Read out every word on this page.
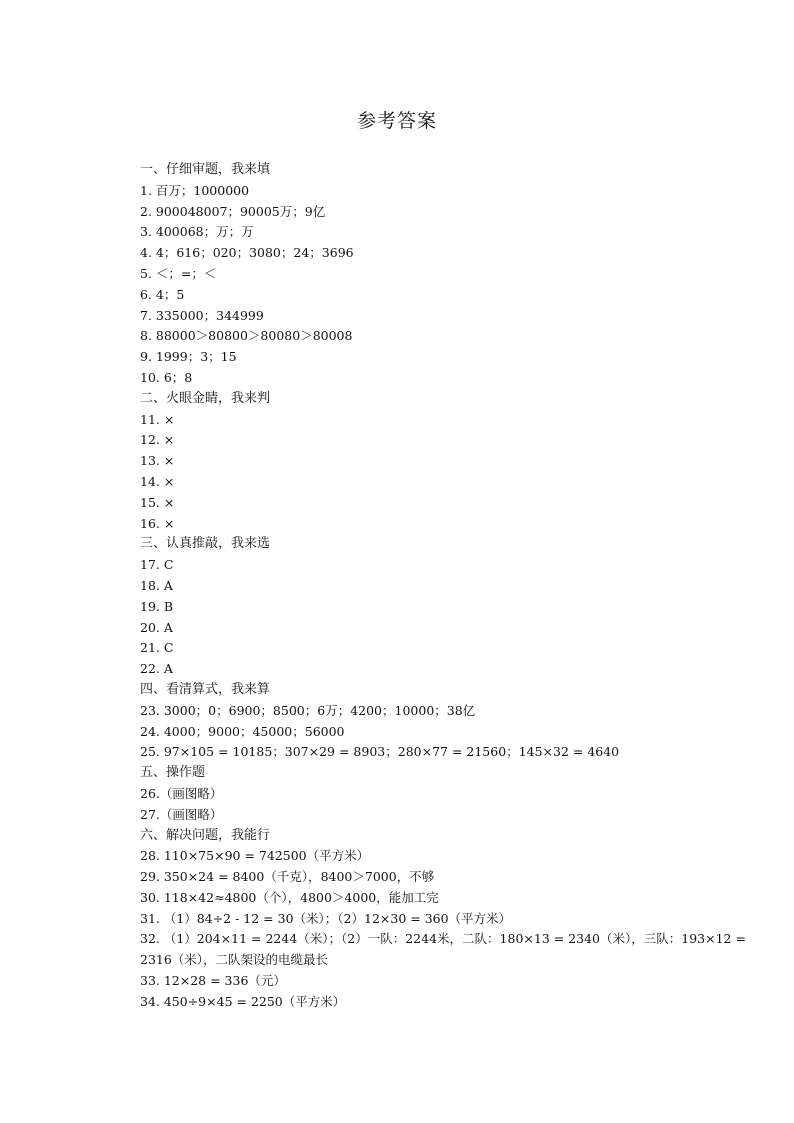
参考答案
一、仔细审题，我来填
1. 百万；1000000
2. 900048007；90005万；9亿
3. 400068；万；万
4. 4；616；020；3080；24；3696
5. ＜；=；＜
6. 4；5
7. 335000；344999
8. 88000＞80800＞80080＞80008
9. 1999；3；15
10. 6；8
二、火眼金睛，我来判
11. ×
12. ×
13. ×
14. ×
15. ×
16. ×
三、认真推敲，我来选
17. C
18. A
19. B
20. A
21. C
22. A
四、看清算式，我来算
23. 3000；0；6900；8500；6万；4200；10000；38亿
24. 4000；9000；45000；56000
25. 97×105 = 10185；307×29 = 8903；280×77 = 21560；145×32 = 4640
五、操作题
26.（画图略）
27.（画图略）
六、解决问题，我能行
28. 110×75×90 = 742500（平方米）
29. 350×24 = 8400（千克），8400＞7000，不够
30. 118×42≈4800（个），4800＞4000，能加工完
31. （1）84÷2 - 12 = 30（米）；（2）12×30 = 360（平方米）
32. （1）204×11 = 2244（米）；（2）一队：2244米，二队：180×13 = 2340（米），三队：193×12 = 2316（米），二队架设的电缆最长
33. 12×28 = 336（元）
34. 450÷9×45 = 2250（平方米）
